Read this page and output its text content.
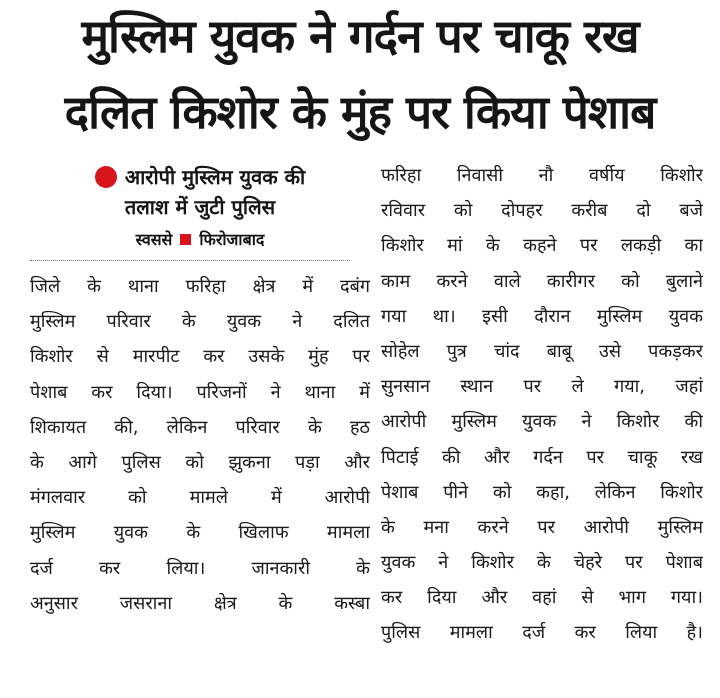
मुस्लिम युवक ने गर्दन पर चाकू रख
दलित किशोर के मुंह पर किया पेशाब
आरोपी मुस्लिम युवक की
तलाश में जुटी पुलिस
स्वससे फिरोजाबाद
जिले के थाना फरिहा क्षेत्र में दबंग
मुस्लिम परिवार के युवक ने दलित
किशोर से मारपीट कर उसके मुंह पर
पेशाब कर दिया। परिजनों ने थाना में
शिकायत की, लेकिन परिवार के हठ
के आगे पुलिस को झुकना पड़ा और
मंगलवार को मामले में आरोपी
मुस्लिम युवक के खिलाफ मामला
दर्ज कर लिया। जानकारी के
अनुसार जसराना क्षेत्र के कस्बा
फरिहा निवासी नौ वर्षीय किशोर
रविवार को दोपहर करीब दो बजे
किशोर मां के कहने पर लकड़ी का
काम करने वाले कारीगर को बुलाने
गया था। इसी दौरान मुस्लिम युवक
सोहेल पुत्र चांद बाबू उसे पकड़कर
सुनसान स्थान पर ले गया, जहां
आरोपी मुस्लिम युवक ने किशोर की
पिटाई की और गर्दन पर चाकू रख
पेशाब पीने को कहा, लेकिन किशोर
के मना करने पर आरोपी मुस्लिम
युवक ने किशोर के चेहरे पर पेशाब
कर दिया और वहां से भाग गया।
पुलिस मामला दर्ज कर लिया है।
